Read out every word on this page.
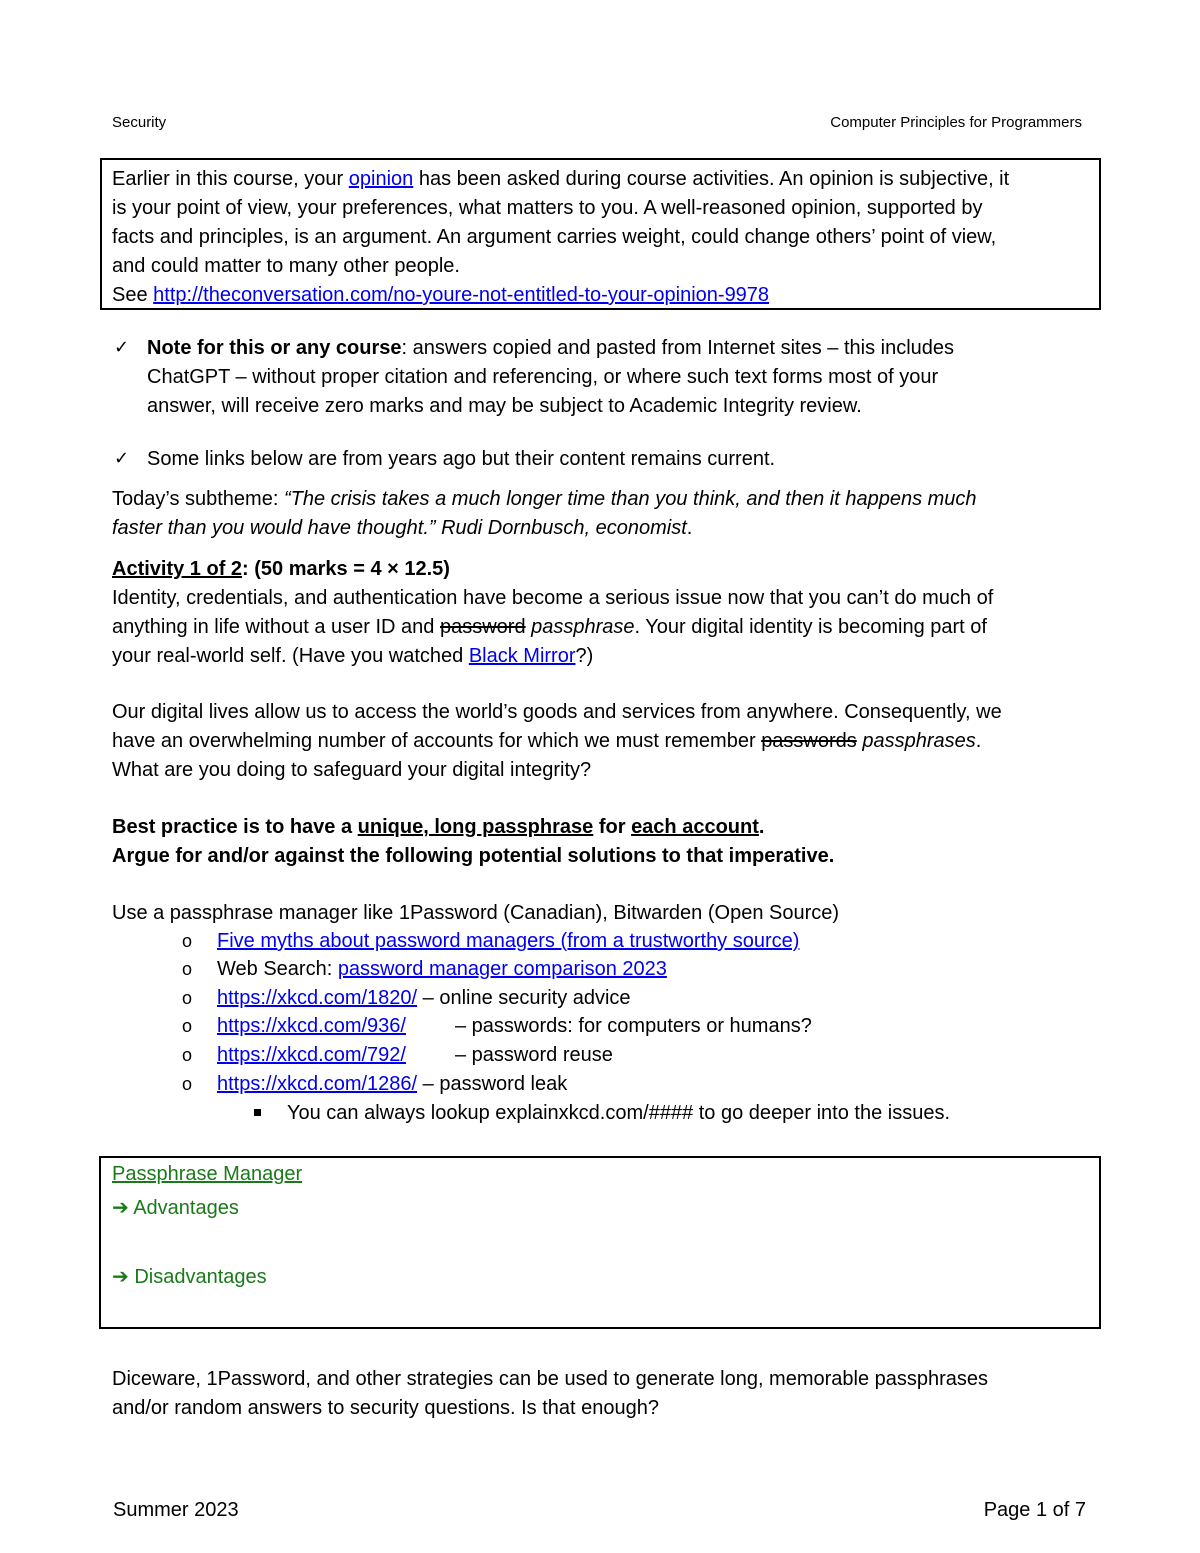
Security	Computer Principles for Programmers

Earlier in this course, your opinion has been asked during course activities. An opinion is subjective, it

is your point of view, your preferences, what matters to you. A well-reasoned opinion, supported by

facts and principles, is an argument. An argument carries weight, could change others’ point of view,

and could matter to many other people.

See http://theconversation.com/no-youre-not-entitled-to-your-opinion-9978

✓ Note for this or any course: answers copied and pasted from Internet sites – this includes

ChatGPT – without proper citation and referencing, or where such text forms most of your

answer, will receive zero marks and may be subject to Academic Integrity review.

✓ Some links below are from years ago but their content remains current.

Today’s subtheme: “The crisis takes a much longer time than you think, and then it happens much

faster than you would have thought.” Rudi Dornbusch, economist.

Activity 1 of 2: (50 marks = 4 × 12.5)

Identity, credentials, and authentication have become a serious issue now that you can’t do much of

anything in life without a user ID and password passphrase. Your digital identity is becoming part of

your real-world self. (Have you watched Black Mirror?)

Our digital lives allow us to access the world’s goods and services from anywhere. Consequently, we

have an overwhelming number of accounts for which we must remember passwords passphrases.

What are you doing to safeguard your digital integrity?

Best practice is to have a unique, long passphrase for each account.

Argue for and/or against the following potential solutions to that imperative.

Use a passphrase manager like 1Password (Canadian), Bitwarden (Open Source)
o Five myths about password managers (from a trustworthy source)
o Web Search: password manager comparison 2023
o https://xkcd.com/1820/ – online security advice
o https://xkcd.com/936/ – passwords: for computers or humans?
o https://xkcd.com/792/ – password reuse
o https://xkcd.com/1286/ – password leak
You can always lookup explainxkcd.com/#### to go deeper into the issues.

Passphrase Manager

➔ Advantages

➔ Disadvantages

Diceware, 1Password, and other strategies can be used to generate long, memorable passphrases

and/or random answers to security questions. Is that enough?

Summer 2023	Page 1 of 7
